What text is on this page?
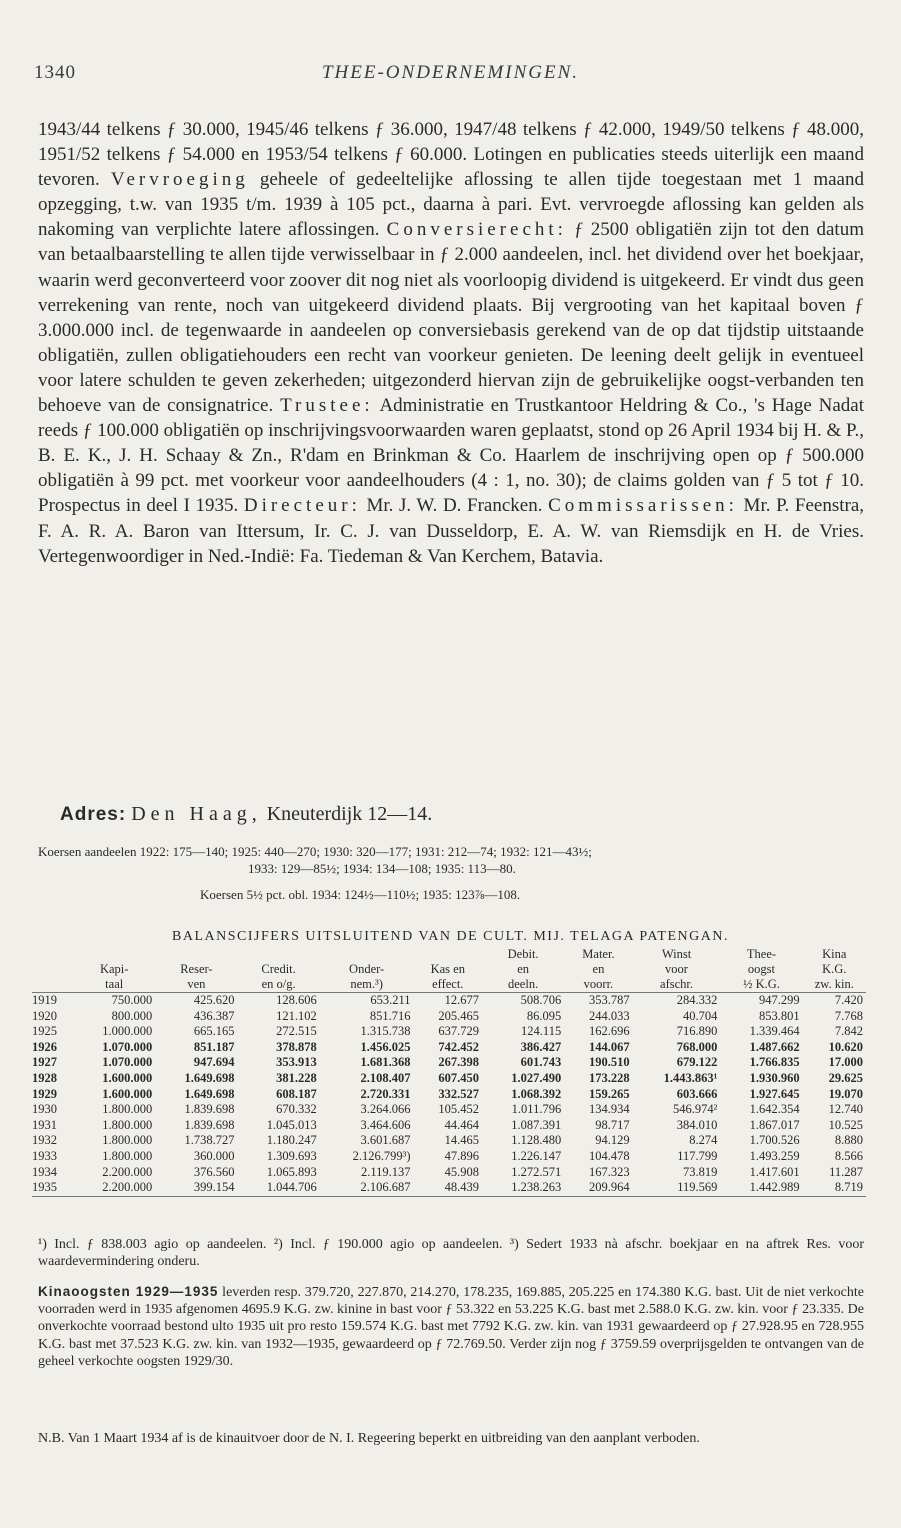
1340	THEE-ONDERNEMINGEN.

1943/44 telkens ƒ 30.000, 1945/46 telkens ƒ 36.000, 1947/48 telkens ƒ 42.000, 1949/50 telkens ƒ 48.000, 1951/52 telkens ƒ 54.000 en 1953/54 telkens ƒ 60.000. Lotingen en publicaties steeds uiterlijk een maand tevoren. Vervroeging geheele of gedeeltelijke aflossing te allen tijde toegestaan met 1 maand opzegging, t.w. van 1935 t/m. 1939 à 105 pct., daarna à pari. Evt. vervroegde aflossing kan gelden als nakoming van verplichte latere aflossingen. Conversierecht: ƒ 2500 obligatiën zijn tot den datum van betaalbaarstelling te allen tijde verwisselbaar in ƒ 2.000 aandeelen, incl. het dividend over het boekjaar, waarin werd geconverteerd voor zoover dit nog niet als voorloopig dividend is uitgekeerd. Er vindt dus geen verrekening van rente, noch van uitgekeerd dividend plaats. Bij vergrooting van het kapitaal boven ƒ 3.000.000 incl. de tegenwaarde in aandeelen op conversiebasis gerekend van de op dat tijdstip uitstaande obligatiën, zullen obligatiehouders een recht van voorkeur genieten. De leening deelt gelijk in eventueel voor latere schulden te geven zekerheden; uitgezonderd hiervan zijn de gebruikelijke oogst-verbanden ten behoeve van de consignatrice. Trustee: Administratie en Trustkantoor Heldring & Co., 's Hage Nadat reeds ƒ 100.000 obligatiën op inschrijvingsvoorwaarden waren geplaatst, stond op 26 April 1934 bij H. & P., B. E. K., J. H. Schaay & Zn., R'dam en Brinkman & Co. Haarlem de inschrijving open op ƒ 500.000 obligatiën à 99 pct. met voorkeur voor aandeelhouders (4 : 1, no. 30); de claims golden van ƒ 5 tot ƒ 10. Prospectus in deel I 1935. Directeur: Mr. J. W. D. Francken. Commissarissen: Mr. P. Feenstra, F. A. R. A. Baron van Ittersum, Ir. C. J. van Dusseldorp, E. A. W. van Riemsdijk en H. de Vries. Vertegenwoordiger in Ned.-Indië: Fa. Tiedeman & Van Kerchem, Batavia.

Adres: Den Haag, Kneuterdijk 12—14.

Koersen aandeelen 1922: 175—140; 1925: 440—270; 1930: 320—177; 1931: 212—74; 1932: 121—43½;
1933: 129—85½; 1934: 134—108; 1935: 113—80.

Koersen 5½ pct. obl. 1934: 124½—110½; 1935: 123⅞—108.

BALANSCIJFERS UITSLUITEND VAN DE CULT. MIJ. TELAGA PATENGAN.

						Debit.	Mater.	Winst	Thee-	Kina
	Kapi-	Reser-	Credit.	Onder-	Kas en	en	en	voor	oogst	K.G.
	taal	ven	en o/g.	nem.³)	effect.	deeln.	voorr.	afschr.	½ K.G.	zw. kin.
1919	750.000	425.620	128.606	653.211	12.677	508.706	353.787	284.332	947.299	7.420
1920	800.000	436.387	121.102	851.716	205.465	86.095	244.033	40.704	853.801	7.768
1925	1.000.000	665.165	272.515	1.315.738	637.729	124.115	162.696	716.890	1.339.464	7.842
1926	1.070.000	851.187	378.878	1.456.025	742.452	386.427	144.067	768.000	1.487.662	10.620
1927	1.070.000	947.694	353.913	1.681.368	267.398	601.743	190.510	679.122	1.766.835	17.000
1928	1.600.000	1.649.698	381.228	2.108.407	607.450	1.027.490	173.228	1.443.863¹	1.930.960	29.625
1929	1.600.000	1.649.698	608.187	2.720.331	332.527	1.068.392	159.265	603.666	1.927.645	19.070
1930	1.800.000	1.839.698	670.332	3.264.066	105.452	1.011.796	134.934	546.974²	1.642.354	12.740
1931	1.800.000	1.839.698	1.045.013	3.464.606	44.464	1.087.391	98.717	384.010	1.867.017	10.525
1932	1.800.000	1.738.727	1.180.247	3.601.687	14.465	1.128.480	94.129	8.274	1.700.526	8.880
1933	1.800.000	360.000	1.309.693	2.126.799³)	47.896	1.226.147	104.478	117.799	1.493.259	8.566
1934	2.200.000	376.560	1.065.893	2.119.137	45.908	1.272.571	167.323	73.819	1.417.601	11.287
1935	2.200.000	399.154	1.044.706	2.106.687	48.439	1.238.263	209.964	119.569	1.442.989	8.719

¹) Incl. ƒ 838.003 agio op aandeelen. ²) Incl. ƒ 190.000 agio op aandeelen. ³) Sedert 1933 nà afschr. boekjaar en na aftrek Res. voor waardevermindering onderu.

Kinaoogsten 1929—1935 leverden resp. 379.720, 227.870, 214.270, 178.235, 169.885, 205.225 en 174.380 K.G. bast. Uit de niet verkochte voorraden werd in 1935 afgenomen 4695.9 K.G. zw. kinine in bast voor ƒ 53.322 en 53.225 K.G. bast met 2.588.0 K.G. zw. kin. voor ƒ 23.335. De onverkochte voorraad bestond ulto 1935 uit pro resto 159.574 K.G. bast met 7792 K.G. zw. kin. van 1931 gewaardeerd op ƒ 27.928.95 en 728.955 K.G. bast met 37.523 K.G. zw. kin. van 1932—1935, gewaardeerd op ƒ 72.769.50. Verder zijn nog ƒ 3759.59 overprijsgelden te ontvangen van de geheel verkochte oogsten 1929/30.

N.B. Van 1 Maart 1934 af is de kinauitvoer door de N. I. Regeering beperkt en uitbreiding van den aanplant verboden.
